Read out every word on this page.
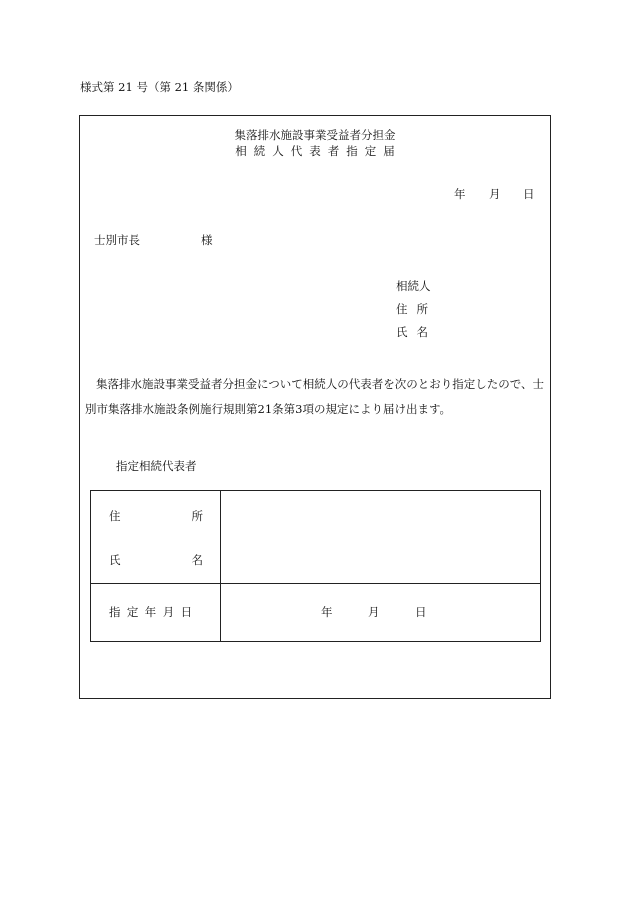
様式第 21 号（第 21 条関係）
集落排水施設事業受益者分担金
相続人代表者指定届
年 月 日
士別市長	様
相続人
住所
氏名
集落排水施設事業受益者分担金について相続人の代表者を次のとおり指定したので、士別市集落排水施設条例施行規則第21条第3項の規定により届け出ます。
指定相続代表者
住	所
氏	名
指定年月日	年	月	日
